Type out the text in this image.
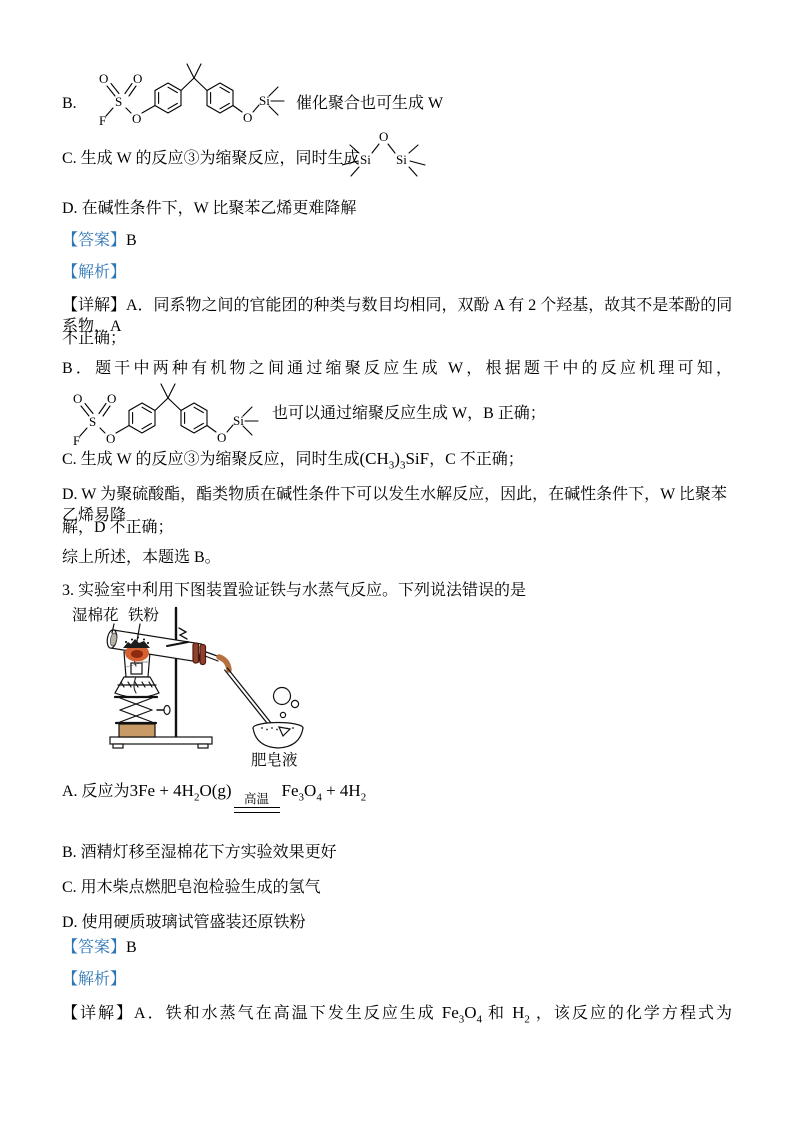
B.
O O
S
F O	O
Si 催化聚合也可生成 W
C. 生成 W 的反应③为缩聚反应，同时生成 Si
O
Si
D. 在碱性条件下，W 比聚苯乙烯更难降解
【答案】B
【解析】
【详解】A．同系物之间的官能团的种类与数目均相同，双酚 A 有 2 个羟基，故其不是苯酚的同系物，A
不正确；
B．题干中两种有机物之间通过缩聚反应生成 W，根据题干中的反应机理可知，
O O
S
F O	O
Si 也可以通过缩聚反应生成 W，B 正确；
C. 生成 W 的反应③为缩聚反应，同时生成$(CH_3)_3SiF$，C 不正确；
D. W 为聚硫酸酯，酯类物质在碱性条件下可以发生水解反应，因此，在碱性条件下，W 比聚苯乙烯易降
解，D 不正确；
综上所述，本题选 B。
3. 实验室中利用下图装置验证铁与水蒸气反应。下列说法错误的是
湿棉花 铁粉
肥皂液
A. 反应为$3Fe + 4H_2O(g)$ 高温 $Fe_3O_4 + 4H_2$
B. 酒精灯移至湿棉花下方实验效果更好
C. 用木柴点燃肥皂泡检验生成的氢气
D. 使用硬质玻璃试管盛装还原铁粉
【答案】B
【解析】
【详解】A．铁和水蒸气在高温下发生反应生成 $Fe_3O_4$ 和 $H_2$ ，该反应的化学方程式为
